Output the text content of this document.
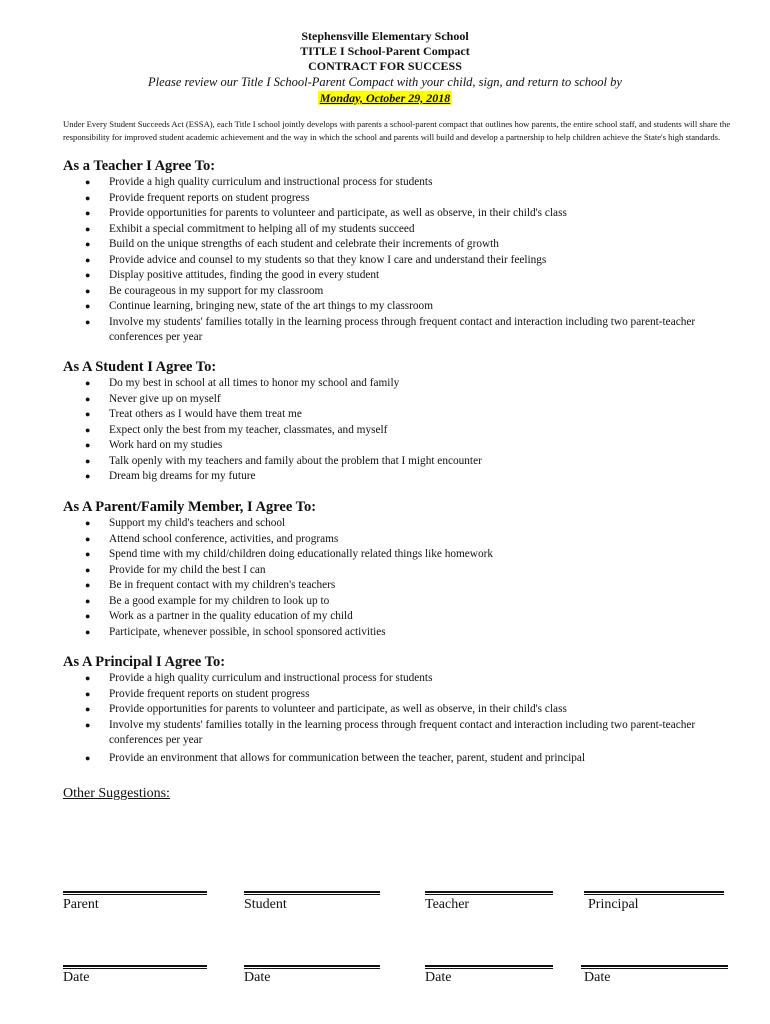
Stephensville Elementary School
TITLE I School-Parent Compact
CONTRACT FOR SUCCESS
Please review our Title I School-Parent Compact with your child, sign, and return to school by
Monday, October 29, 2018
Under Every Student Succeeds Act (ESSA), each Title I school jointly develops with parents a school-parent compact that outlines how parents, the entire school staff, and students will share the responsibility for improved student academic achievement and the way in which the school and parents will build and develop a partnership to help children achieve the State's high standards.
As a Teacher I Agree To:
● Provide a high quality curriculum and instructional process for students
● Provide frequent reports on student progress
● Provide opportunities for parents to volunteer and participate, as well as observe, in their child's class
● Exhibit a special commitment to helping all of my students succeed
● Build on the unique strengths of each student and celebrate their increments of growth
● Provide advice and counsel to my students so that they know I care and understand their feelings
● Display positive attitudes, finding the good in every student
● Be courageous in my support for my classroom
● Continue learning, bringing new, state of the art things to my classroom
● Involve my students' families totally in the learning process through frequent contact and interaction including two parent-teacher conferences per year
As A Student I Agree To:
● Do my best in school at all times to honor my school and family
● Never give up on myself
● Treat others as I would have them treat me
● Expect only the best from my teacher, classmates, and myself
● Work hard on my studies
● Talk openly with my teachers and family about the problem that I might encounter
● Dream big dreams for my future
As A Parent/Family Member, I Agree To:
● Support my child's teachers and school
● Attend school conference, activities, and programs
● Spend time with my child/children doing educationally related things like homework
● Provide for my child the best I can
● Be in frequent contact with my children's teachers
● Be a good example for my children to look up to
● Work as a partner in the quality education of my child
● Participate, whenever possible, in school sponsored activities
As A Principal I Agree To:
● Provide a high quality curriculum and instructional process for students
● Provide frequent reports on student progress
● Provide opportunities for parents to volunteer and participate, as well as observe, in their child's class
● Involve my students' families totally in the learning process through frequent contact and interaction including two parent-teacher conferences per year
● Provide an environment that allows for communication between the teacher, parent, student and principal
Other Suggestions:
Parent	Student	Teacher	Principal
Date	Date	Date	Date
